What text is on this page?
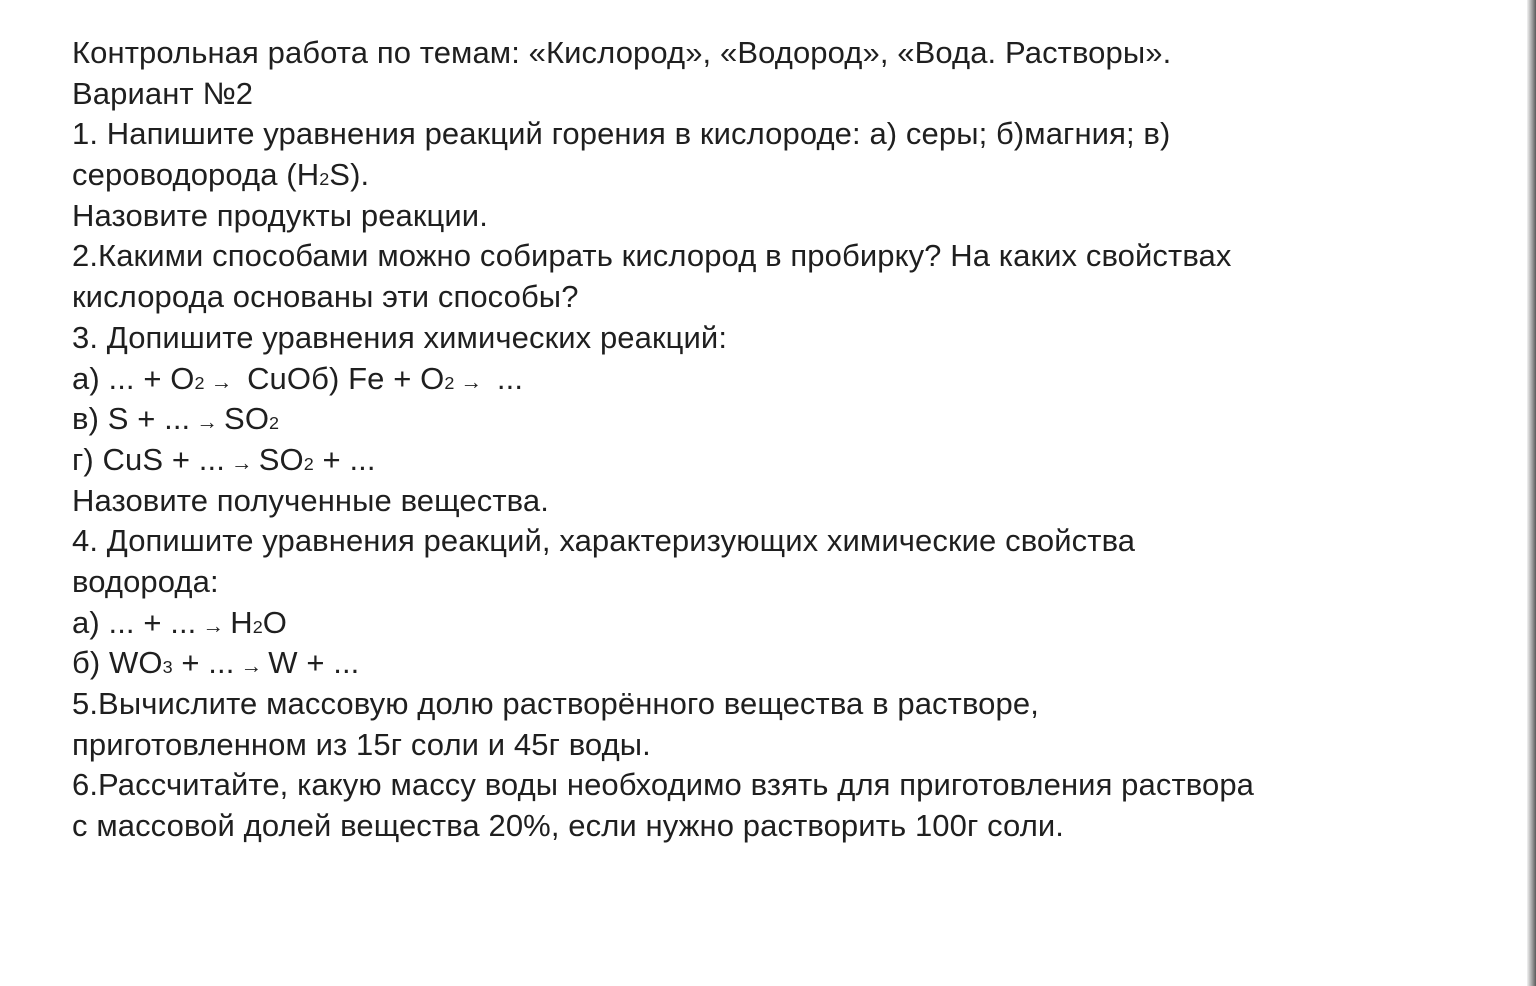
Контрольная работа по темам: «Кислород», «Водород», «Вода. Растворы».
Вариант №2
1. Напишите уравнения реакций горения в кислороде: а) серы; б)магния; в)
сероводорода (H2S).
Назовите продукты реакции.
2.Какими способами можно собирать кислород в пробирку? На каких свойствах
кислорода основаны эти способы?
3. Допишите уравнения химических реакций:
а) ... + O2 → CuOб) Fe + O2 → ...
в) S + ... → SO2
г) CuS + ... → SO2 + ...
Назовите полученные вещества.
4. Допишите уравнения реакций, характеризующих химические свойства
водорода:
а) ... + ... → H2O
б) WO3 + ... → W + ...
5.Вычислите массовую долю растворённого вещества в растворе,
приготовленном из 15г соли и 45г воды.
6.Рассчитайте, какую массу воды необходимо взять для приготовления раствора
с массовой долей вещества 20%, если нужно растворить 100г соли.
